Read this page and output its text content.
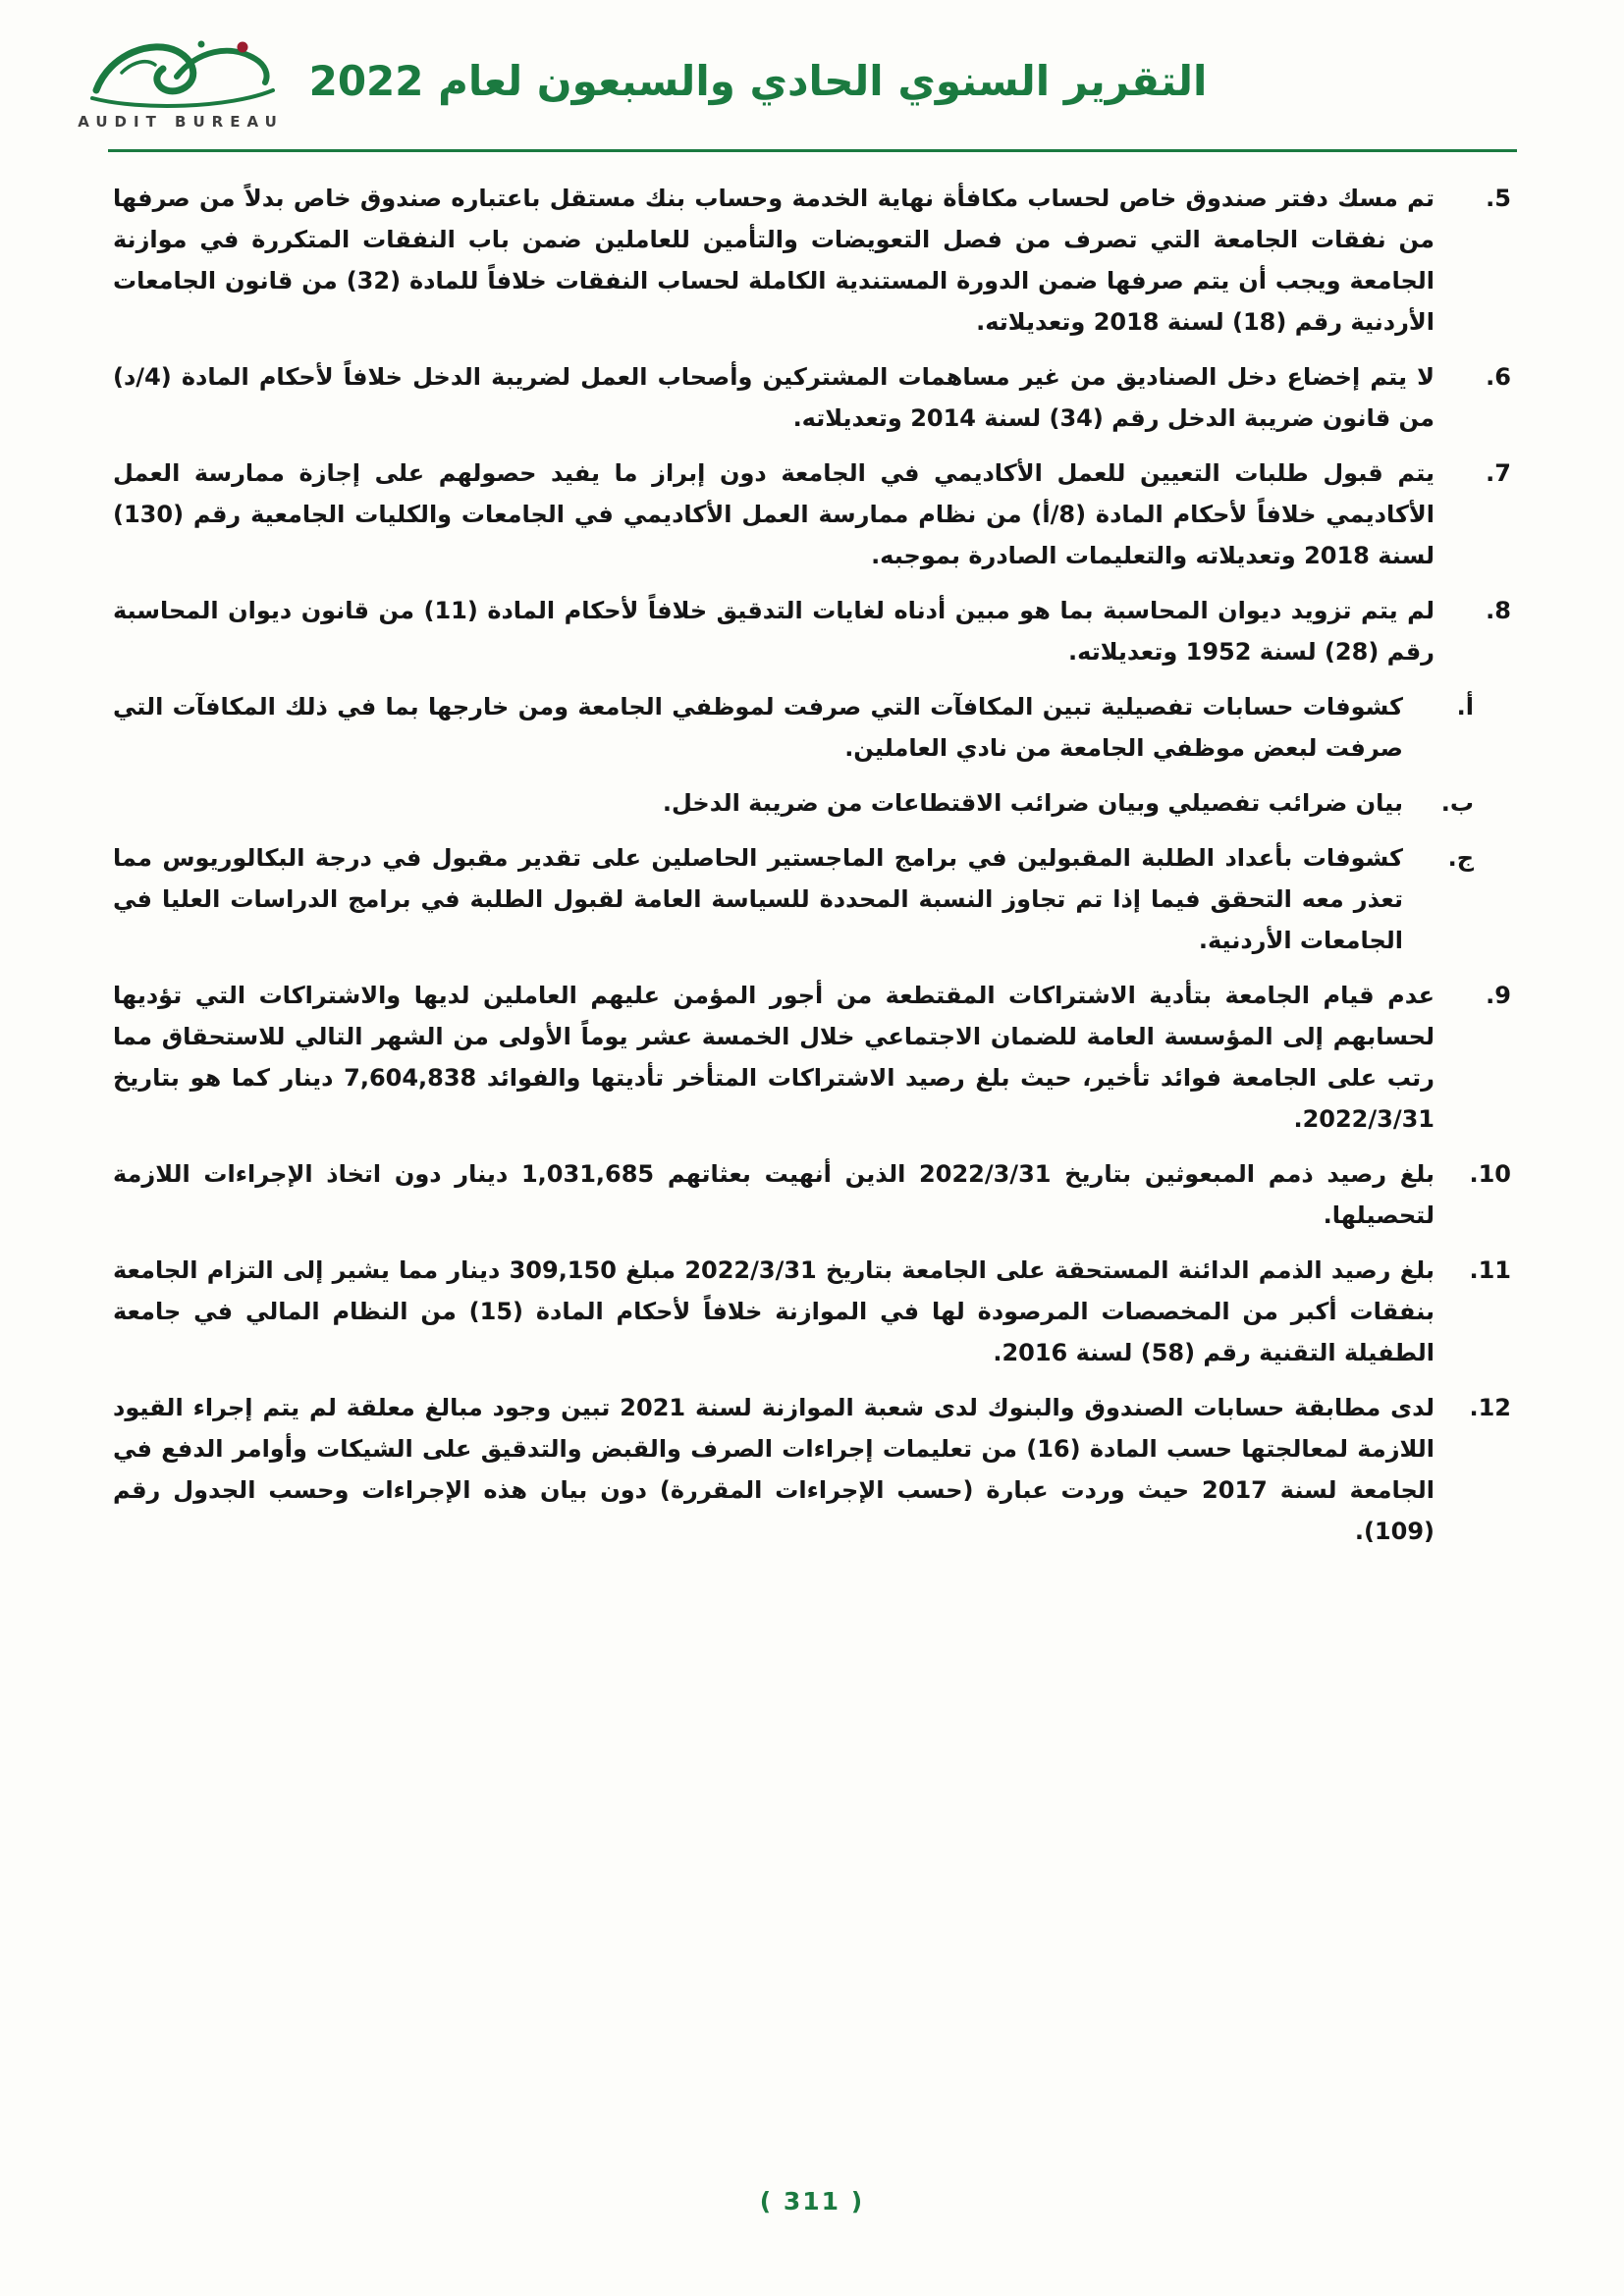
AUDIT BUREAU
التقرير السنوي الحادي والسبعون لعام 2022
5.
تم مسك دفتر صندوق خاص لحساب مكافأة نهاية الخدمة وحساب بنك مستقل باعتباره صندوق خاص بدلاً من صرفها من نفقات الجامعة التي تصرف من فصل التعويضات والتأمين للعاملين ضمن باب النفقات المتكررة في موازنة الجامعة ويجب أن يتم صرفها ضمن الدورة المستندية الكاملة لحساب النفقات خلافاً للمادة (32) من قانون الجامعات الأردنية رقم (18) لسنة 2018 وتعديلاته.
6.
لا يتم إخضاع دخل الصناديق من غير مساهمات المشتركين وأصحاب العمل لضريبة الدخل خلافاً لأحكام المادة (4/د) من قانون ضريبة الدخل رقم (34) لسنة 2014 وتعديلاته.
7.
يتم قبول طلبات التعيين للعمل الأكاديمي في الجامعة دون إبراز ما يفيد حصولهم على إجازة ممارسة العمل الأكاديمي خلافاً لأحكام المادة (8/أ) من نظام ممارسة العمل الأكاديمي في الجامعات والكليات الجامعية رقم (130) لسنة 2018 وتعديلاته والتعليمات الصادرة بموجبه.
8.
لم يتم تزويد ديوان المحاسبة بما هو مبين أدناه لغايات التدقيق خلافاً لأحكام المادة (11) من قانون ديوان المحاسبة رقم (28) لسنة 1952 وتعديلاته.
أ.
كشوفات حسابات تفصيلية تبين المكافآت التي صرفت لموظفي الجامعة ومن خارجها بما في ذلك المكافآت التي صرفت لبعض موظفي الجامعة من نادي العاملين.
ب.
بيان ضرائب تفصيلي وبيان ضرائب الاقتطاعات من ضريبة الدخل.
ج.
كشوفات بأعداد الطلبة المقبولين في برامج الماجستير الحاصلين على تقدير مقبول في درجة البكالوريوس مما تعذر معه التحقق فيما إذا تم تجاوز النسبة المحددة للسياسة العامة لقبول الطلبة في برامج الدراسات العليا في الجامعات الأردنية.
9.
عدم قيام الجامعة بتأدية الاشتراكات المقتطعة من أجور المؤمن عليهم العاملين لديها والاشتراكات التي تؤديها لحسابهم إلى المؤسسة العامة للضمان الاجتماعي خلال الخمسة عشر يوماً الأولى من الشهر التالي للاستحقاق مما رتب على الجامعة فوائد تأخير، حيث بلغ رصيد الاشتراكات المتأخر تأديتها والفوائد 7,604,838 دينار كما هو بتاريخ 2022/3/31.
10.
بلغ رصيد ذمم المبعوثين بتاريخ 2022/3/31 الذين أنهيت بعثاتهم 1,031,685 دينار دون اتخاذ الإجراءات اللازمة لتحصيلها.
11.
بلغ رصيد الذمم الدائنة المستحقة على الجامعة بتاريخ 2022/3/31 مبلغ 309,150 دينار مما يشير إلى التزام الجامعة بنفقات أكبر من المخصصات المرصودة لها في الموازنة خلافاً لأحكام المادة (15) من النظام المالي في جامعة الطفيلة التقنية رقم (58) لسنة 2016.
12.
لدى مطابقة حسابات الصندوق والبنوك لدى شعبة الموازنة لسنة 2021 تبين وجود مبالغ معلقة لم يتم إجراء القيود اللازمة لمعالجتها حسب المادة (16) من تعليمات إجراءات الصرف والقبض والتدقيق على الشيكات وأوامر الدفع في الجامعة لسنة 2017 حيث وردت عبارة (حسب الإجراءات المقررة) دون بيان هذه الإجراءات وحسب الجدول رقم (109).
( 311 )
